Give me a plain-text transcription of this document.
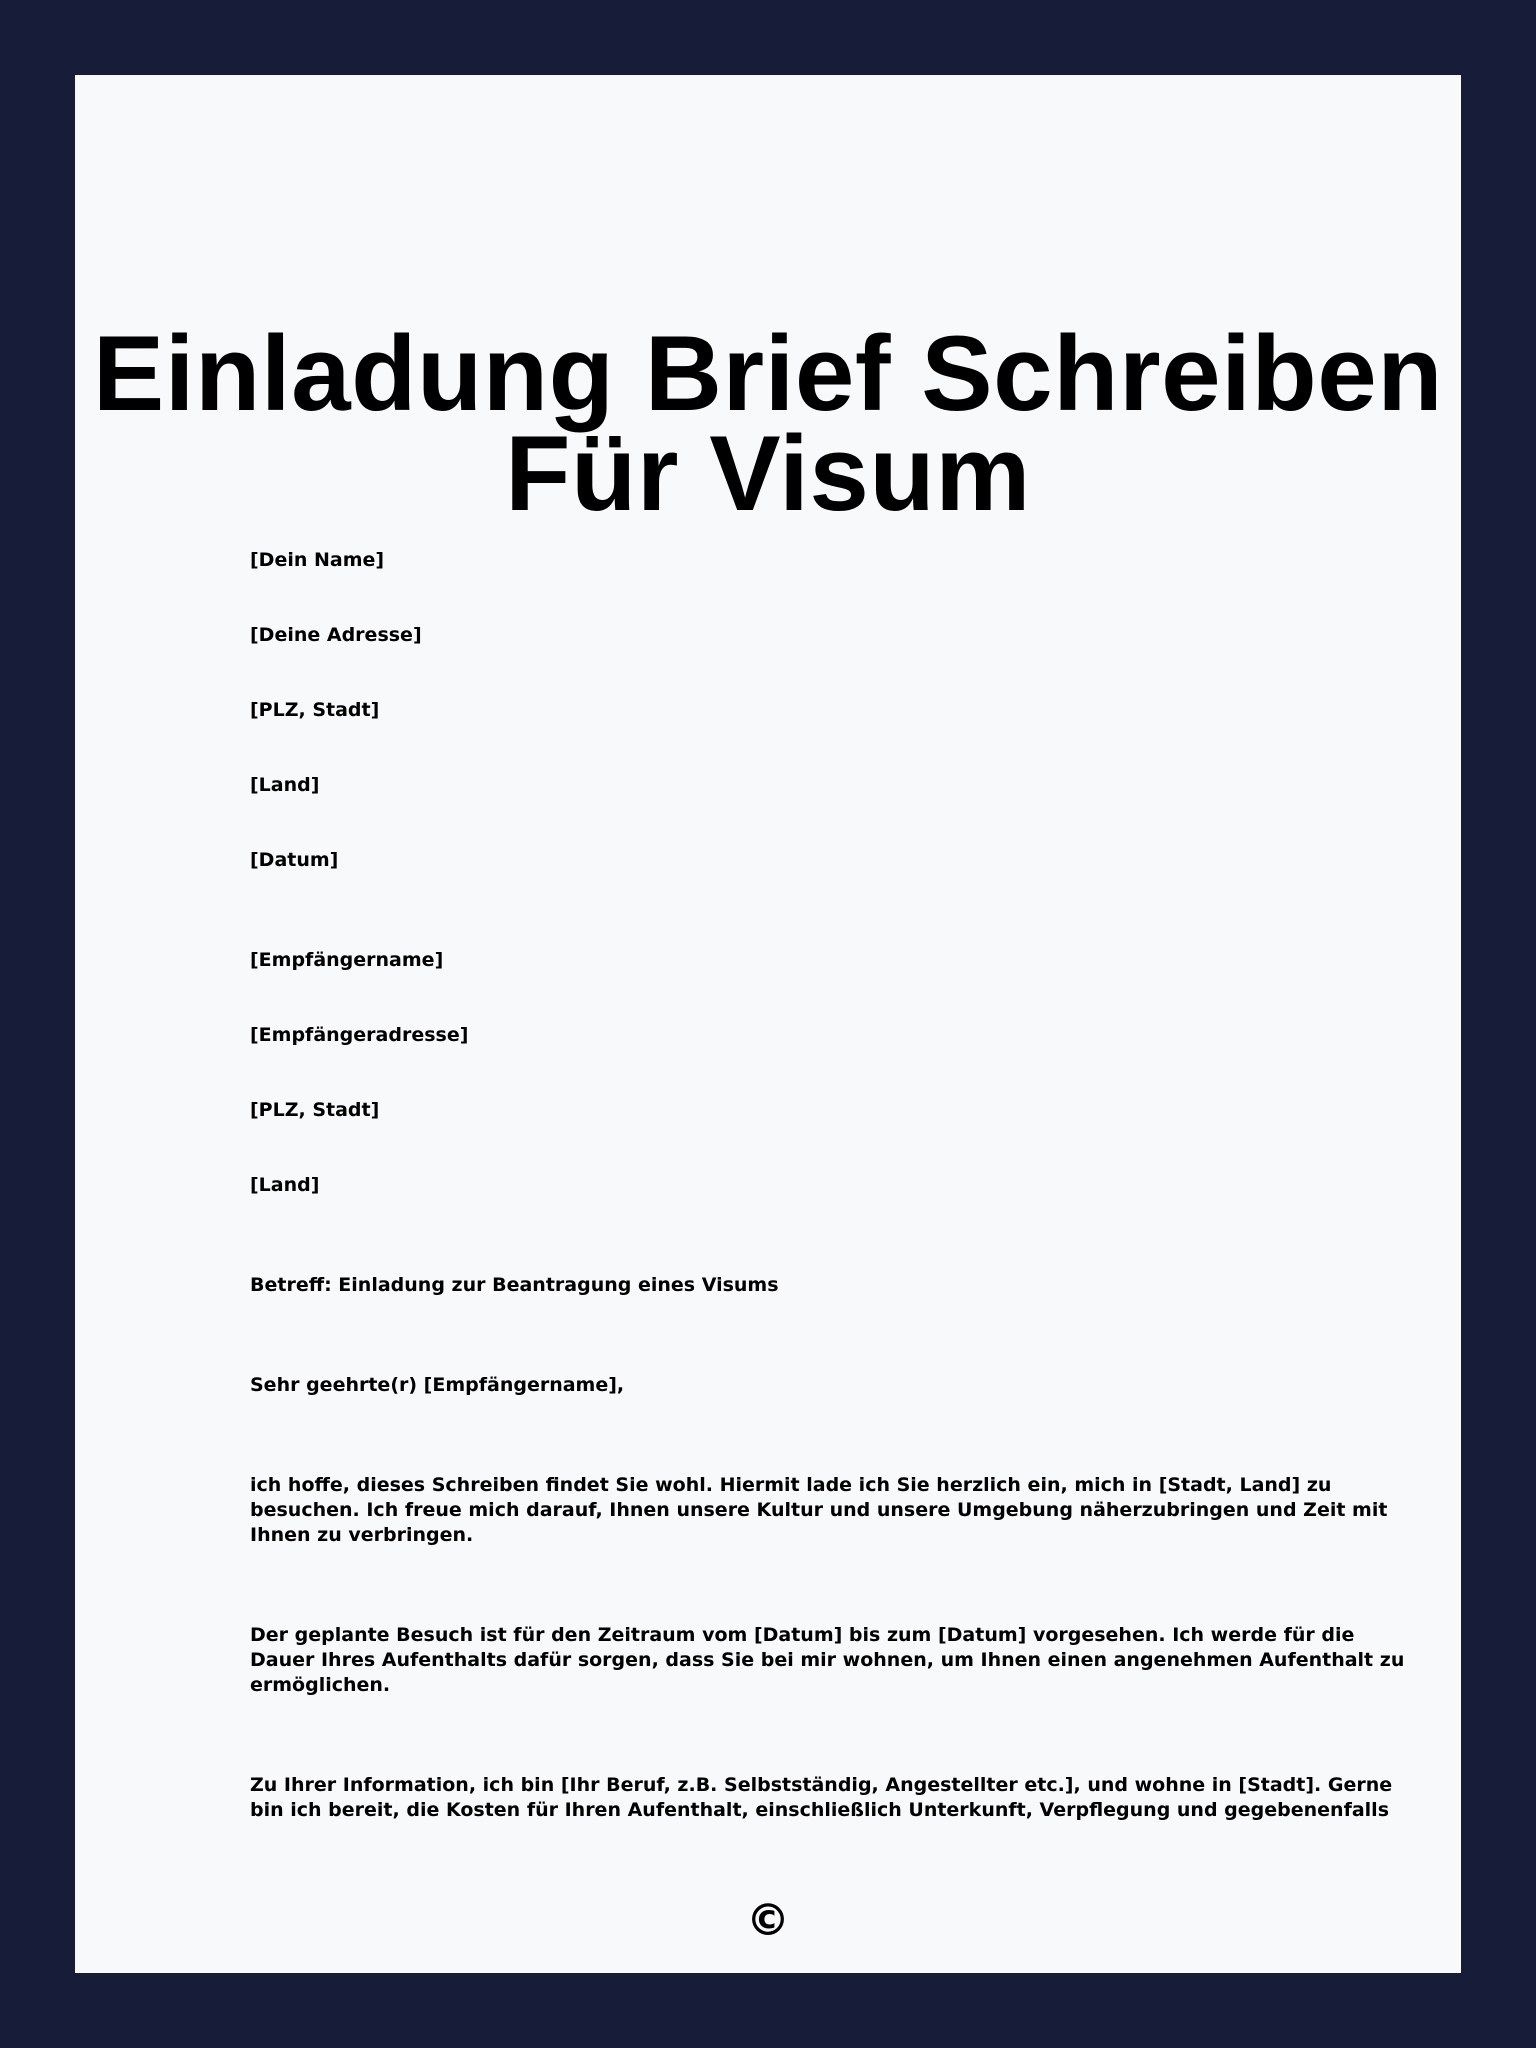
Einladung Brief Schreiben
Für Visum
[Dein Name]
[Deine Adresse]
[PLZ, Stadt]
[Land]
[Datum]
[Empfängername]
[Empfängeradresse]
[PLZ, Stadt]
[Land]
Betreff: Einladung zur Beantragung eines Visums
Sehr geehrte(r) [Empfängername],
ich hoffe, dieses Schreiben findet Sie wohl. Hiermit lade ich Sie herzlich ein, mich in [Stadt, Land] zu
besuchen. Ich freue mich darauf, Ihnen unsere Kultur und unsere Umgebung näherzubringen und Zeit mit
Ihnen zu verbringen.
Der geplante Besuch ist für den Zeitraum vom [Datum] bis zum [Datum] vorgesehen. Ich werde für die
Dauer Ihres Aufenthalts dafür sorgen, dass Sie bei mir wohnen, um Ihnen einen angenehmen Aufenthalt zu
ermöglichen.
Zu Ihrer Information, ich bin [Ihr Beruf, z.B. Selbstständig, Angestellter etc.], und wohne in [Stadt]. Gerne
bin ich bereit, die Kosten für Ihren Aufenthalt, einschließlich Unterkunft, Verpflegung und gegebenenfalls
©
